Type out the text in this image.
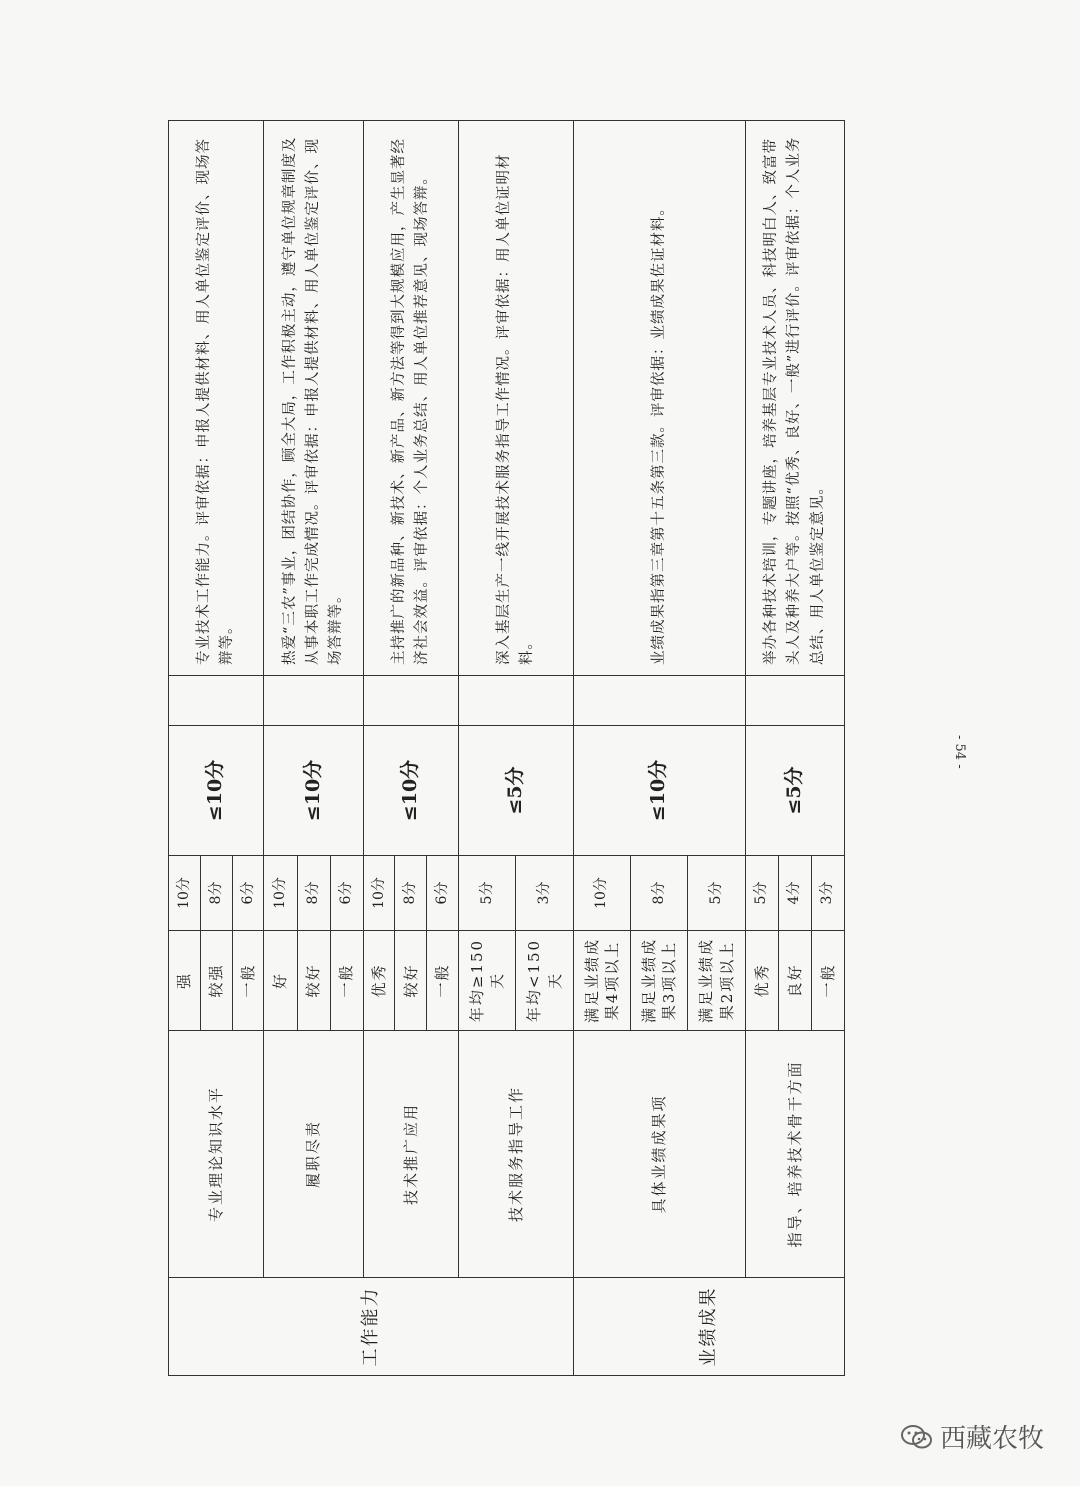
工作能力	专业理论知识水平	强	10分	≤10分		专业技术工作能力。评审依据：申报人提供材料、用人单位鉴定评价、现场答辩等。
		较强	8分			
		一般	6分			
	履职尽责	好	10分	≤10分		热爱“三农”事业，团结协作，顾全大局，工作积极主动，遵守单位规章制度及从事本职工作完成情况。评审依据：申报人提供材料、用人单位鉴定评价、现场答辩等。
		较好	8分			
		一般	6分			
	技术推广应用	优秀	10分	≤10分		主持推广的新品种、新技术、新产品、新方法等得到大规模应用，产生显著经济社会效益。评审依据：个人业务总结、用人单位推荐意见、现场答辩。
		较好	8分			
		一般	6分			
	技术服务指导工作	年均≥150天	5分	≤5分		深入基层生产一线开展技术服务指导工作情况。评审依据：用人单位证明材料。
		年均<150天	3分			
业绩成果	具体业绩成果项	满足业绩成果4项以上	10分	≤10分		业绩成果指第三章第十五条第三款。评审依据：业绩成果佐证材料。
		满足业绩成果3项以上	8分			
		满足业绩成果2项以上	5分			
	指导、培养技术骨干方面	优秀	5分	≤5分		举办各种技术培训，专题讲座，培养基层专业技术人员、科技明白人、致富带头人及种养大户等。按照“优秀、良好、一般”进行评价。评审依据：个人业务总结、用人单位鉴定意见。
		良好	4分			
		一般	3分			
- 54 -
西藏农牧
